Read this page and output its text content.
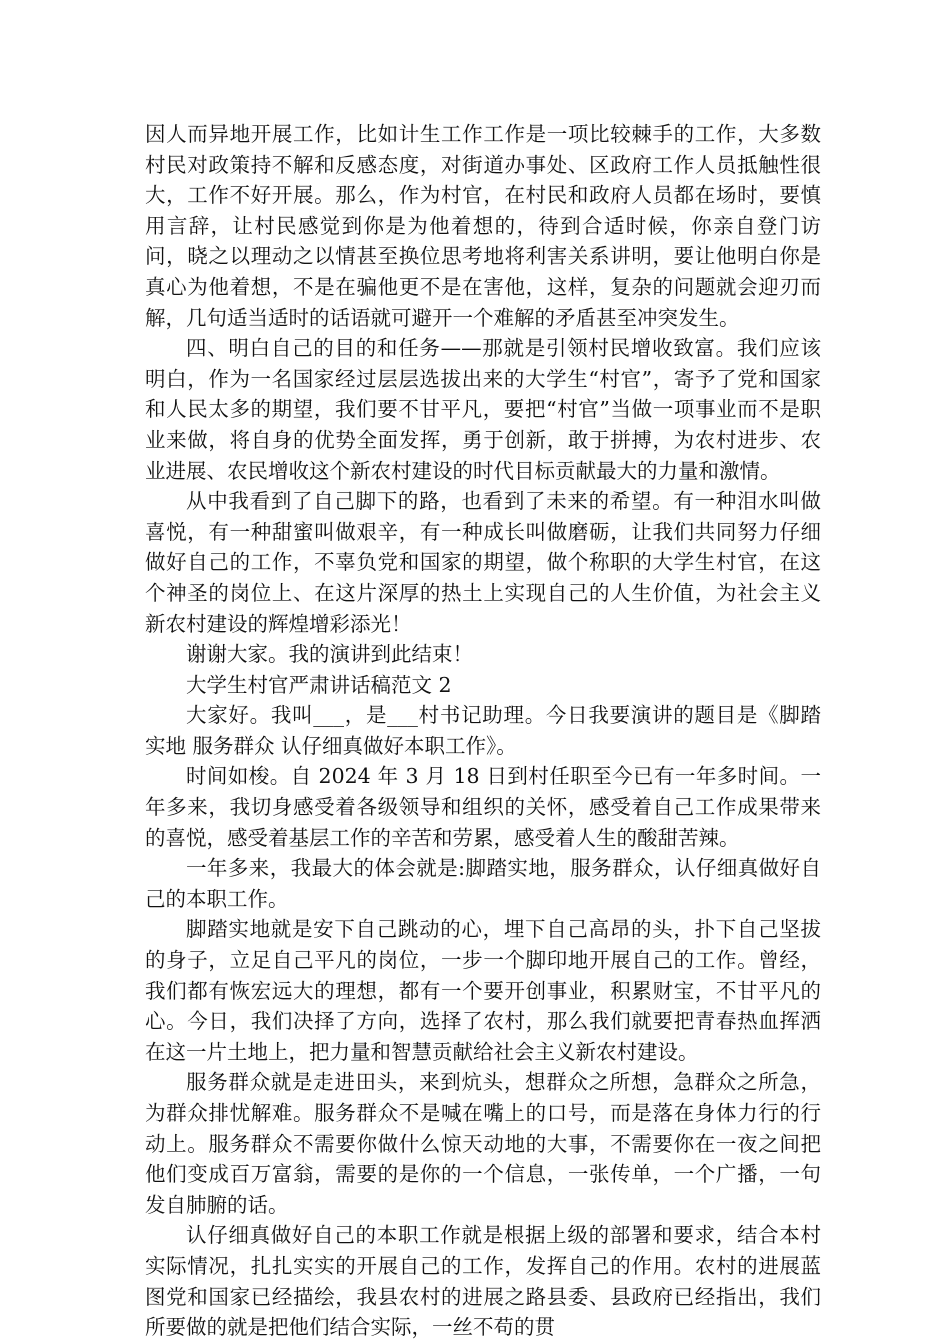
因人而异地开展工作，比如计生工作工作是一项比较棘手的工作，大多数村民对政策持不解和反感态度，对街道办事处、区政府工作人员抵触性很大，工作不好开展。那么，作为村官，在村民和政府人员都在场时，要慎用言辞，让村民感觉到你是为他着想的，待到合适时候，你亲自登门访问，晓之以理动之以情甚至换位思考地将利害关系讲明，要让他明白你是真心为他着想，不是在骗他更不是在害他，这样，复杂的问题就会迎刃而解，几句适当适时的话语就可避开一个难解的矛盾甚至冲突发生。

四、明白自己的目的和任务——那就是引领村民增收致富。我们应该明白，作为一名国家经过层层选拔出来的大学生“村官”，寄予了党和国家和人民太多的期望，我们要不甘平凡，要把“村官”当做一项事业而不是职业来做，将自身的优势全面发挥，勇于创新，敢于拼搏，为农村进步、农业进展、农民增收这个新农村建设的时代目标贡献最大的力量和激情。

从中我看到了自己脚下的路，也看到了未来的希望。有一种泪水叫做喜悦，有一种甜蜜叫做艰辛，有一种成长叫做磨砺，让我们共同努力仔细做好自己的工作，不辜负党和国家的期望，做个称职的大学生村官，在这个神圣的岗位上、在这片深厚的热土上实现自己的人生价值，为社会主义新农村建设的辉煌增彩添光！

谢谢大家。我的演讲到此结束！

大学生村官严肃讲话稿范文 2

大家好。我叫___，是___村书记助理。今日我要演讲的题目是《脚踏实地 服务群众 认仔细真做好本职工作》。

时间如梭。自 2024 年 3 月 18 日到村任职至今已有一年多时间。一年多来，我切身感受着各级领导和组织的关怀，感受着自己工作成果带来的喜悦，感受着基层工作的辛苦和劳累，感受着人生的酸甜苦辣。

一年多来，我最大的体会就是:脚踏实地，服务群众，认仔细真做好自己的本职工作。

脚踏实地就是安下自己跳动的心，埋下自己高昂的头，扑下自己坚拔的身子，立足自己平凡的岗位，一步一个脚印地开展自己的工作。曾经，我们都有恢宏远大的理想，都有一个要开创事业，积累财宝，不甘平凡的心。今日，我们决择了方向，选择了农村，那么我们就要把青春热血挥洒在这一片土地上，把力量和智慧贡献给社会主义新农村建设。

服务群众就是走进田头，来到炕头，想群众之所想，急群众之所急，为群众排忧解难。服务群众不是喊在嘴上的口号，而是落在身体力行的行动上。服务群众不需要你做什么惊天动地的大事，不需要你在一夜之间把他们变成百万富翁，需要的是你的一个信息，一张传单，一个广播，一句发自肺腑的话。

认仔细真做好自己的本职工作就是根据上级的部署和要求，结合本村实际情况，扎扎实实的开展自己的工作，发挥自己的作用。农村的进展蓝图党和国家已经描绘，我县农村的进展之路县委、县政府已经指出，我们所要做的就是把他们结合实际，一丝不苟的贯
